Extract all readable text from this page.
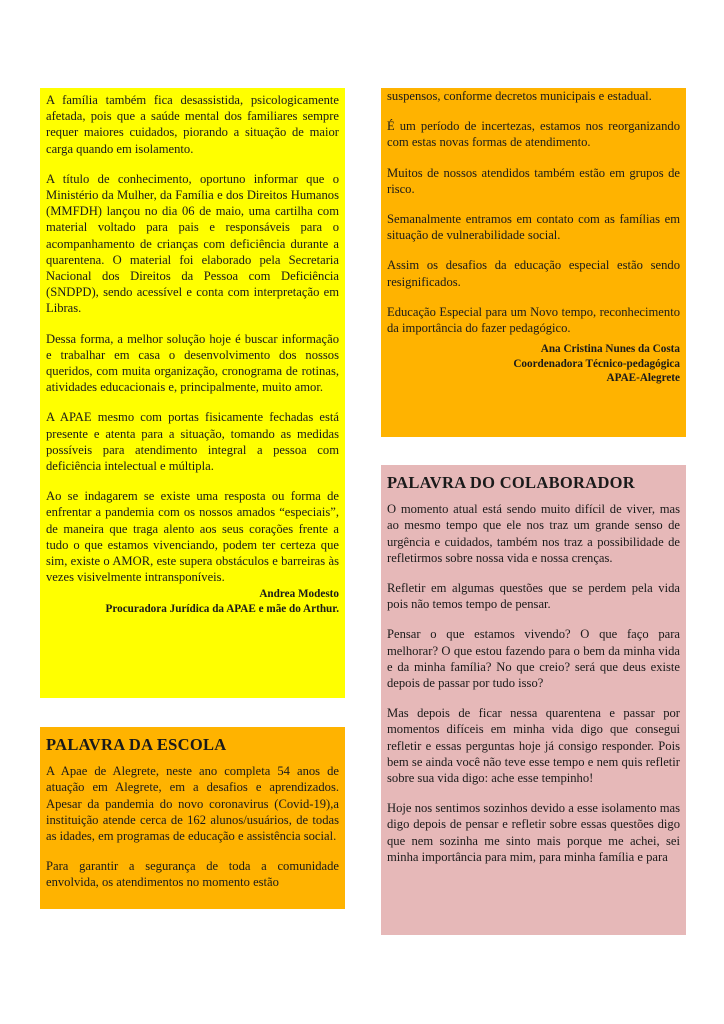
A família também fica desassistida, psicologicamente afetada, pois que a saúde mental dos familiares sempre requer maiores cuidados, piorando a situação de maior carga quando em isolamento.

A título de conhecimento, oportuno informar que o Ministério da Mulher, da Família e dos Direitos Humanos (MMFDH) lançou no dia 06 de maio, uma cartilha com material voltado para pais e responsáveis para o acompanhamento de crianças com deficiência durante a quarentena. O material foi elaborado pela Secretaria Nacional dos Direitos da Pessoa com Deficiência (SNDPD), sendo acessível e conta com interpretação em Libras.

Dessa forma, a melhor solução hoje é buscar informação e trabalhar em casa o desenvolvimento dos nossos queridos, com muita organização, cronograma de rotinas, atividades educacionais e, principalmente, muito amor.

A APAE mesmo com portas fisicamente fechadas está presente e atenta para a situação, tomando as medidas possíveis para atendimento integral a pessoa com deficiência intelectual e múltipla.

Ao se indagarem se existe uma resposta ou forma de enfrentar a pandemia com os nossos amados “especiais”, de maneira que traga alento aos seus corações frente a tudo o que estamos vivenciando, podem ter certeza que sim, existe o AMOR, este supera obstáculos e barreiras às vezes visivelmente intransponíveis.

Andrea Modesto
Procuradora Jurídica da APAE e mãe do Arthur.
PALAVRA DA ESCOLA

A Apae de Alegrete, neste ano completa 54 anos de atuação em Alegrete, em a desafios e aprendizados. Apesar da pandemia do novo coronavirus (Covid-19),a instituição atende cerca de 162 alunos/usuários, de todas as idades, em programas de educação e assistência social.

Para garantir a segurança de toda a comunidade envolvida, os atendimentos no momento estão

suspensos, conforme decretos municipais e estadual.

É um período de incertezas, estamos nos reorganizando com estas novas formas de atendimento.

Muitos de nossos atendidos também estão em grupos de risco.

Semanalmente entramos em contato com as famílias em situação de vulnerabilidade social.

Assim os desafios da educação especial estão sendo resignificados.

Educação Especial para um Novo tempo, reconhecimento da importância do fazer pedagógico.

Ana Cristina Nunes da Costa
Coordenadora Técnico-pedagógica
APAE-Alegrete
PALAVRA DO COLABORADOR

O momento atual está sendo muito difícil de viver, mas ao mesmo tempo que ele nos traz um grande senso de urgência e cuidados, também nos traz a possibilidade de refletirmos sobre nossa vida e nossa crenças.

Refletir em algumas questões que se perdem pela vida pois não temos tempo de pensar.

Pensar o que estamos vivendo? O que faço para melhorar? O que estou fazendo para o bem da minha vida e da minha família? No que creio? será que deus existe depois de passar por tudo isso?

Mas depois de ficar nessa quarentena e passar por momentos difíceis em minha vida digo que consegui refletir e essas perguntas hoje já consigo responder. Pois bem se ainda você não teve esse tempo e nem quis refletir sobre sua vida digo: ache esse tempinho!

Hoje nos sentimos sozinhos devido a esse isolamento mas digo depois de pensar e refletir sobre essas questões digo que nem sozinha me sinto mais porque me achei, sei minha importância para mim, para minha família e para
